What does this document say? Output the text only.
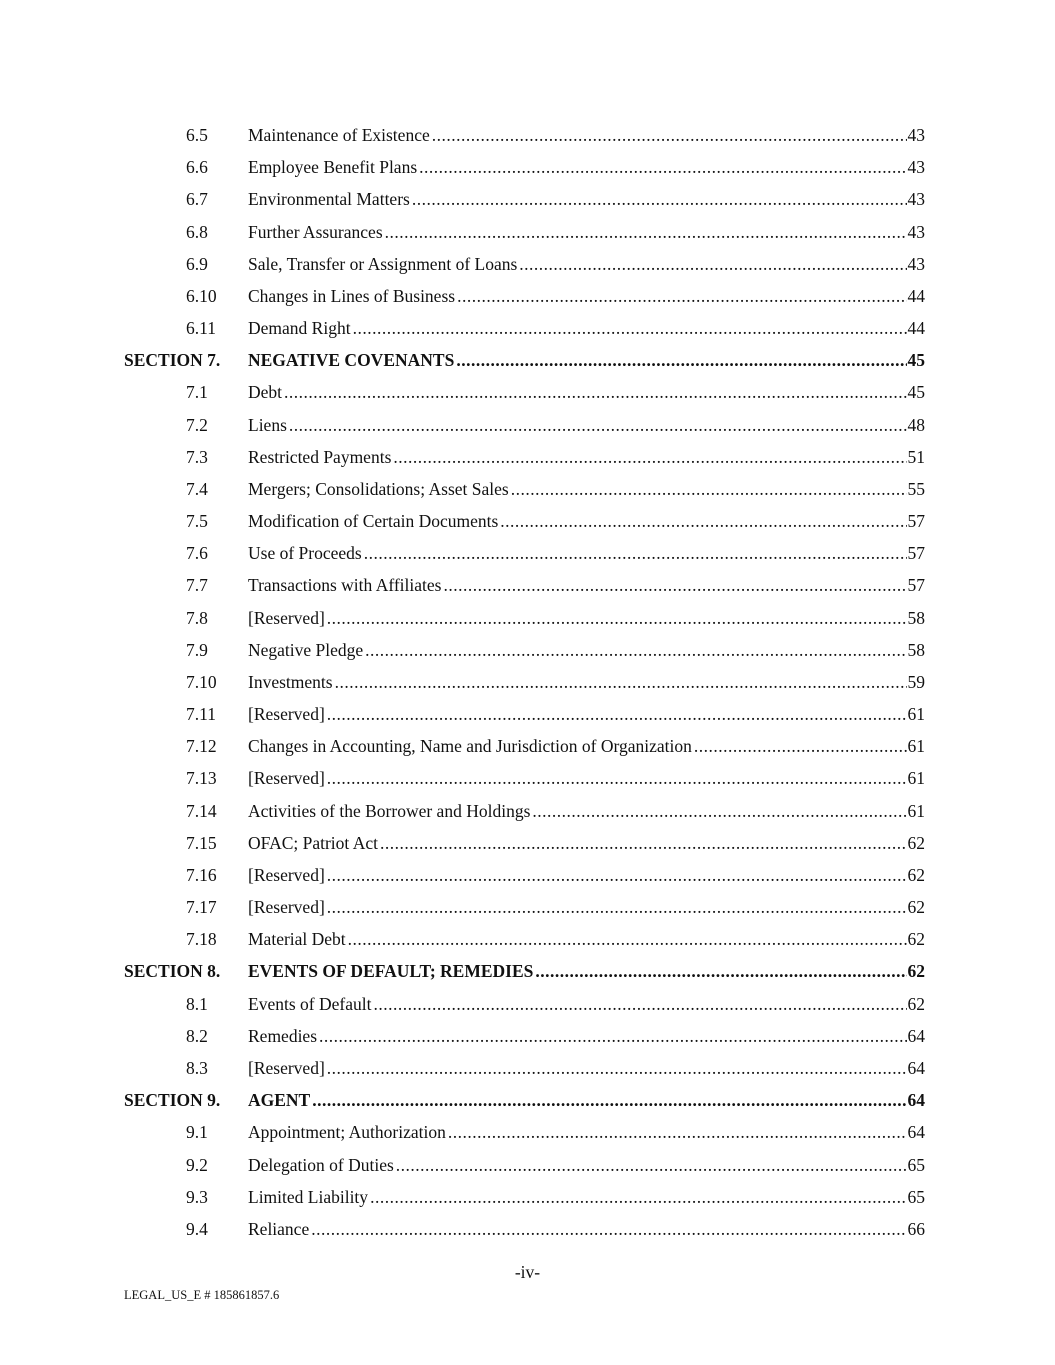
6.5 Maintenance of Existence .....	43
6.6 Employee Benefit Plans .....	43
6.7 Environmental Matters .....	43
6.8 Further Assurances .....	43
6.9 Sale, Transfer or Assignment of Loans .....	43
6.10 Changes in Lines of Business .....	44
6.11 Demand Right .....	44
SECTION 7. NEGATIVE COVENANTS .....	45
7.1 Debt .....	45
7.2 Liens .....	48
7.3 Restricted Payments .....	51
7.4 Mergers; Consolidations; Asset Sales .....	55
7.5 Modification of Certain Documents .....	57
7.6 Use of Proceeds .....	57
7.7 Transactions with Affiliates .....	57
7.8 [Reserved] .....	58
7.9 Negative Pledge .....	58
7.10 Investments .....	59
7.11 [Reserved] .....	61
7.12 Changes in Accounting, Name and Jurisdiction of Organization .....	61
7.13 [Reserved] .....	61
7.14 Activities of the Borrower and Holdings .....	61
7.15 OFAC; Patriot Act .....	62
7.16 [Reserved] .....	62
7.17 [Reserved] .....	62
7.18 Material Debt .....	62
SECTION 8. EVENTS OF DEFAULT; REMEDIES .....	62
8.1 Events of Default .....	62
8.2 Remedies .....	64
8.3 [Reserved] .....	64
SECTION 9. AGENT .....	64
9.1 Appointment; Authorization .....	64
9.2 Delegation of Duties .....	65
9.3 Limited Liability .....	65
9.4 Reliance .....	66
-iv-
LEGAL_US_E # 185861857.6
